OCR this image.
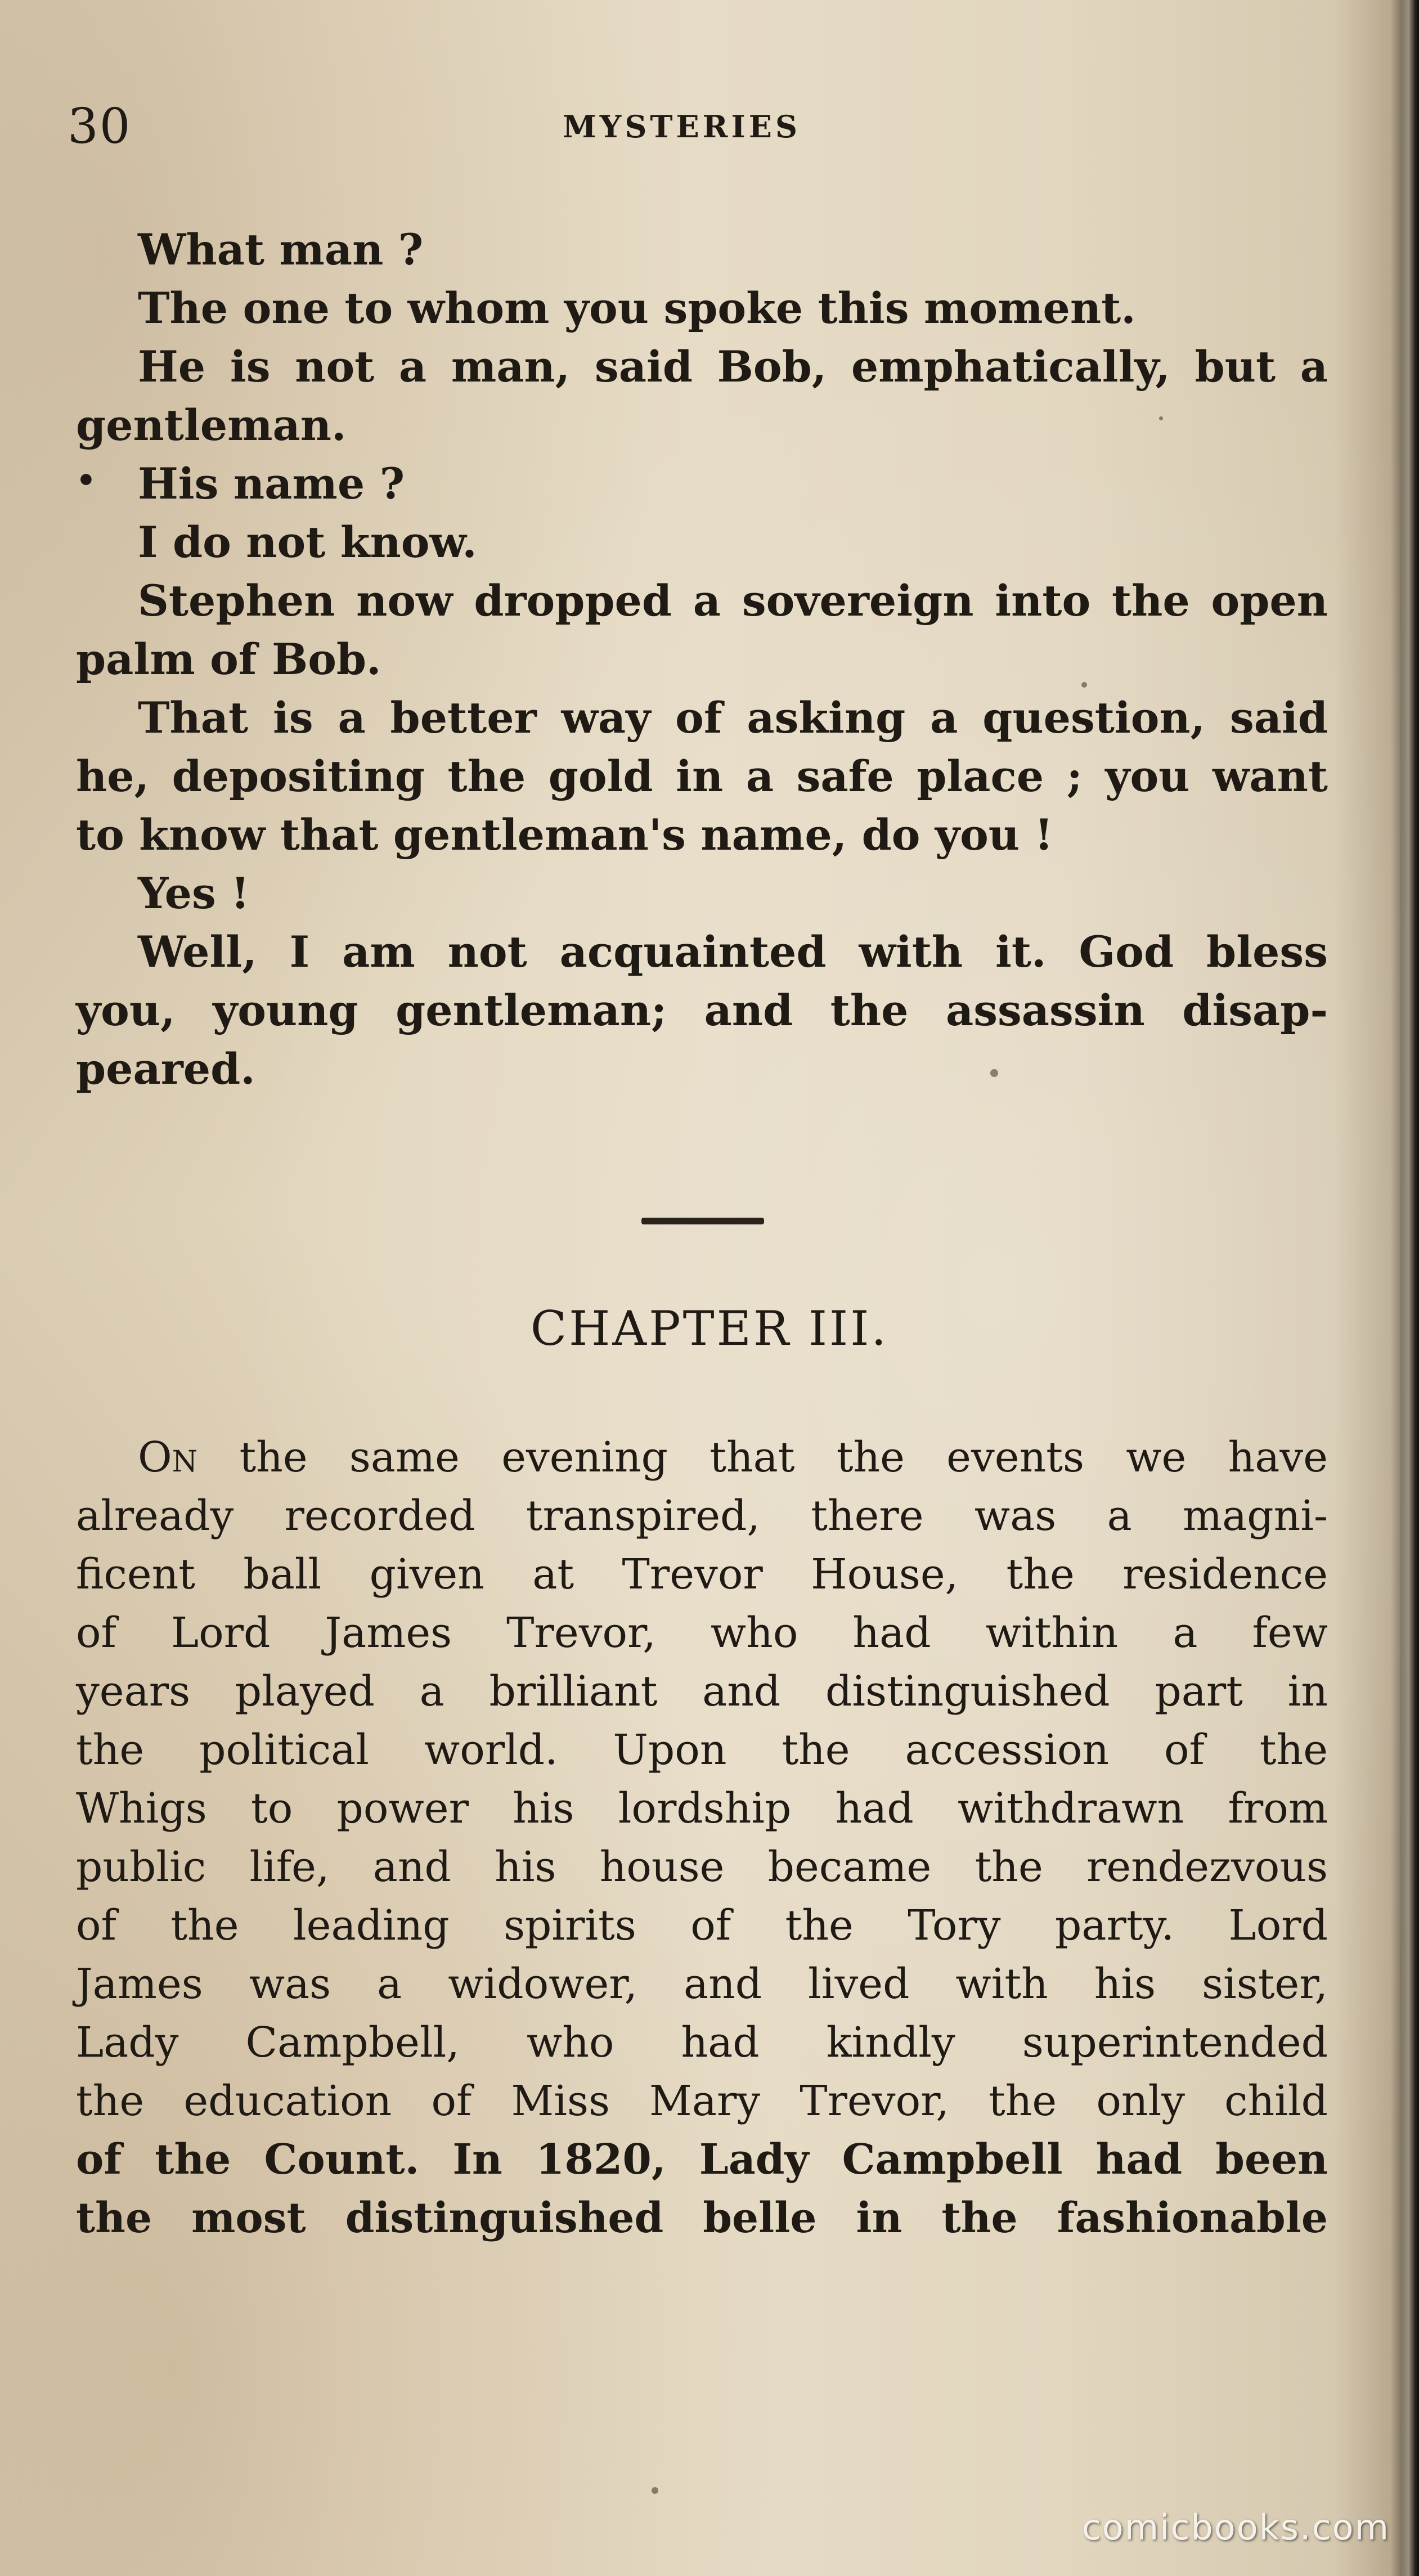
30	MYSTERIES
What man ?
The one to whom you spoke this moment.
He is not a man, said Bob, emphatically, but a
gentleman.
• His name ?
I do not know.
Stephen now dropped a sovereign into the open
palm of Bob.
That is a better way of asking a question, said
he, depositing the gold in a safe place ; you want
to know that gentleman's name, do you !
Yes !
Well, I am not acquainted with it. God bless
you, young gentleman; and the assassin disap-
peared.
CHAPTER III.
On the same evening that the events we have
already recorded transpired, there was a magni-
ficent ball given at Trevor House, the residence
of Lord James Trevor, who had within a few
years played a brilliant and distinguished part in
the political world. Upon the accession of the
Whigs to power his lordship had withdrawn from
public life, and his house became the rendezvous
of the leading spirits of the Tory party. Lord
James was a widower, and lived with his sister,
Lady Campbell, who had kindly superintended
the education of Miss Mary Trevor, the only child
of the Count. In 1820, Lady Campbell had been
the most distinguished belle in the fashionable
comicbooks.com
